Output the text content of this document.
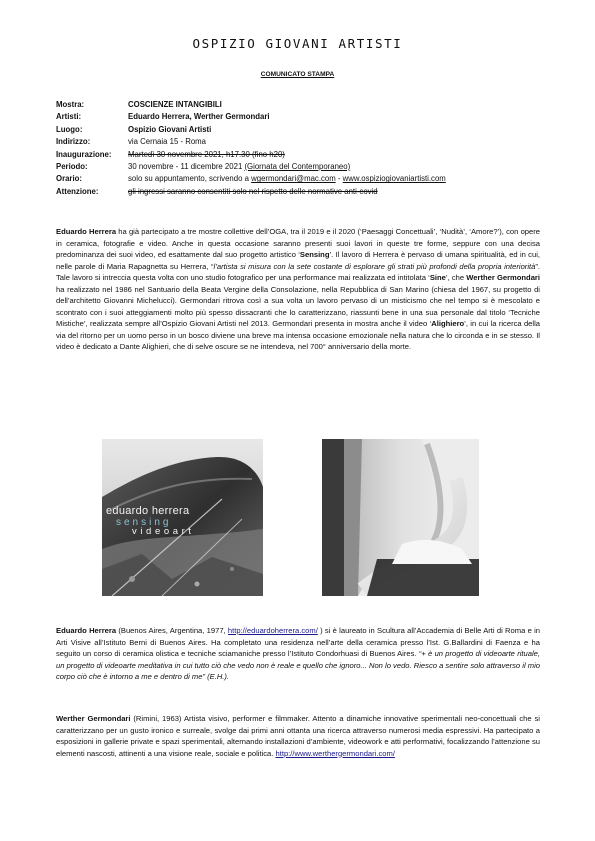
OSPIZIO GIOVANI ARTISTI
COMUNICATO STAMPA
Mostra:	COSCIENZE INTANGIBILI
Artisti:	Eduardo Herrera, Werther Germondari
Luogo:	Ospizio Giovani Artisti
Indirizzo:	via Cernaia 15 - Roma
Inaugurazione:	Martedì 30 novembre 2021, h17.30 (fino h20)
Periodo:	30 novembre - 11 dicembre 2021 (Giornata del Contemporaneo)
Orario:	solo su appuntamento, scrivendo a wgermondari@mac.com - www.ospiziogiovaniartisti.com
Attenzione:	gli ingressi saranno consentiti solo nel rispetto delle normative anti-covid

Eduardo Herrera ha già partecipato a tre mostre collettive dell’OGA, tra il 2019 e il 2020 (‘Paesaggi Concettuali’, ‘Nudità’, ‘Amore?’), con opere in ceramica, fotografie e video. Anche in questa occasione saranno presenti suoi lavori in queste tre forme, seppure con una decisa predominanza dei suoi video, ed esattamente dal suo progetto artistico ‘Sensing’. Il lavoro di Herrera è pervaso di umana spiritualità, ed in cui, nelle parole di Maria Rapagnetta su Herrera, “l’artista si misura con la sete costante di esplorare gli strati più profondi della propria interiorità”. Tale lavoro si intreccia questa volta con uno studio fotografico per una performance mai realizzata ed intitolata ‘Sine’, che Werther Germondari ha realizzato nel 1986 nel Santuario della Beata Vergine della Consolazione, nella Repubblica di San Marino (chiesa del 1967, su progetto di dell’architetto Giovanni Michelucci). Germondari ritrova così a sua volta un lavoro pervaso di un misticismo che nel tempo si è mescolato e scontrato con i suoi atteggiamenti molto più spesso dissacranti che lo caratterizzano, riassunti bene in una sua personale dal titolo ‘Tecniche Mistiche’, realizzata sempre all’Ospizio Giovani Artisti nel 2013. Germondari presenta in mostra anche il video ‘Alighiero’, in cui la ricerca della via del ritorno per un uomo perso in un bosco diviene una breve ma intensa occasione emozionale nella natura che lo circonda e in se stesso. Il video è dedicato a Dante Alighieri, che di selve oscure se ne intendeva, nel 700° anniversario della morte.

eduardo herrera
sensing
videoart

Eduardo Herrera (Buenos Aires, Argentina, 1977, http://eduardoherrera.com/ ) si è laureato in Scultura all’Accademia di Belle Arti di Roma e in Arti Visive all’Istituto Berni di Buenos Aires. Ha completato una residenza nell’arte della ceramica presso l’Ist. G.Ballardini di Faenza e ha seguito un corso di ceramica olistica e tecniche sciamaniche presso l’Istituto Condorhuasi di Buenos Aires. “+ è un progetto di videoarte rituale, un progetto di videoarte meditativa in cui tutto ciò che vedo non è reale e quello che ignoro... Non lo vedo. Riesco a sentire solo attraverso il mio corpo ciò che è intorno a me e dentro di me” (E.H.).

Werther Germondari (Rimini, 1963) Artista visivo, performer e filmmaker. Attento a dinamiche innovative sperimentali neo-concettuali che si caratterizzano per un gusto ironico e surreale, svolge dai primi anni ottanta una ricerca attraverso numerosi media espressivi. Ha partecipato a esposizioni in gallerie private e spazi sperimentali, alternando installazioni d’ambiente, videowork e atti performativi, focalizzando l’attenzione su elementi nascosti, attinenti a una visione reale, sociale e politica. http://www.werthergermondari.com/
